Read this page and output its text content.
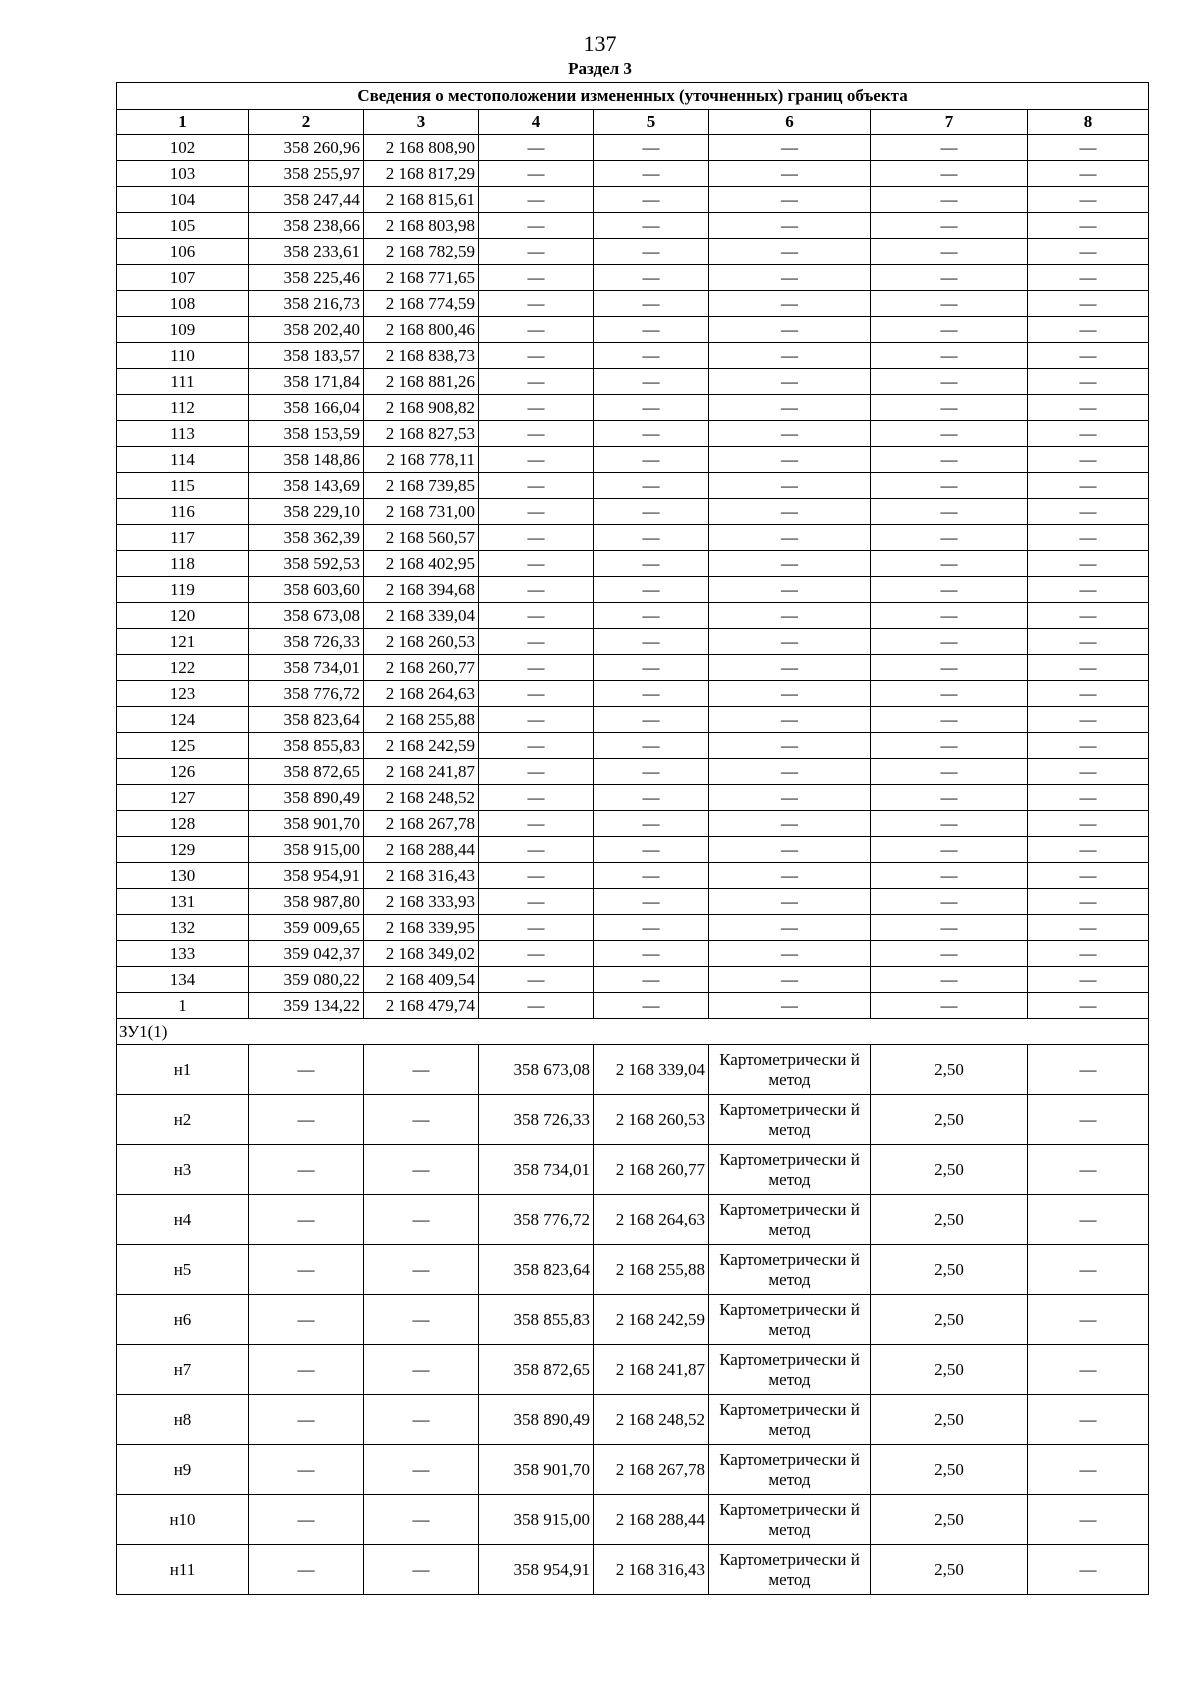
137
Раздел 3
Сведения о местоположении измененных (уточненных) границ объекта							
1	2	3	4	5	6	7	8
102	358 260,96	2 168 808,90	—	—	—	—	—
103	358 255,97	2 168 817,29	—	—	—	—	—
104	358 247,44	2 168 815,61	—	—	—	—	—
105	358 238,66	2 168 803,98	—	—	—	—	—
106	358 233,61	2 168 782,59	—	—	—	—	—
107	358 225,46	2 168 771,65	—	—	—	—	—
108	358 216,73	2 168 774,59	—	—	—	—	—
109	358 202,40	2 168 800,46	—	—	—	—	—
110	358 183,57	2 168 838,73	—	—	—	—	—
111	358 171,84	2 168 881,26	—	—	—	—	—
112	358 166,04	2 168 908,82	—	—	—	—	—
113	358 153,59	2 168 827,53	—	—	—	—	—
114	358 148,86	2 168 778,11	—	—	—	—	—
115	358 143,69	2 168 739,85	—	—	—	—	—
116	358 229,10	2 168 731,00	—	—	—	—	—
117	358 362,39	2 168 560,57	—	—	—	—	—
118	358 592,53	2 168 402,95	—	—	—	—	—
119	358 603,60	2 168 394,68	—	—	—	—	—
120	358 673,08	2 168 339,04	—	—	—	—	—
121	358 726,33	2 168 260,53	—	—	—	—	—
122	358 734,01	2 168 260,77	—	—	—	—	—
123	358 776,72	2 168 264,63	—	—	—	—	—
124	358 823,64	2 168 255,88	—	—	—	—	—
125	358 855,83	2 168 242,59	—	—	—	—	—
126	358 872,65	2 168 241,87	—	—	—	—	—
127	358 890,49	2 168 248,52	—	—	—	—	—
128	358 901,70	2 168 267,78	—	—	—	—	—
129	358 915,00	2 168 288,44	—	—	—	—	—
130	358 954,91	2 168 316,43	—	—	—	—	—
131	358 987,80	2 168 333,93	—	—	—	—	—
132	359 009,65	2 168 339,95	—	—	—	—	—
133	359 042,37	2 168 349,02	—	—	—	—	—
134	359 080,22	2 168 409,54	—	—	—	—	—
1	359 134,22	2 168 479,74	—	—	—	—	—
ЗУ1(1)							
н1	—	—	358 673,08	2 168 339,04	Картометрически й метод	2,50	—
н2	—	—	358 726,33	2 168 260,53	Картометрически й метод	2,50	—
н3	—	—	358 734,01	2 168 260,77	Картометрически й метод	2,50	—
н4	—	—	358 776,72	2 168 264,63	Картометрически й метод	2,50	—
н5	—	—	358 823,64	2 168 255,88	Картометрически й метод	2,50	—
н6	—	—	358 855,83	2 168 242,59	Картометрически й метод	2,50	—
н7	—	—	358 872,65	2 168 241,87	Картометрически й метод	2,50	—
н8	—	—	358 890,49	2 168 248,52	Картометрически й метод	2,50	—
н9	—	—	358 901,70	2 168 267,78	Картометрически й метод	2,50	—
н10	—	—	358 915,00	2 168 288,44	Картометрически й метод	2,50	—
н11	—	—	358 954,91	2 168 316,43	Картометрически й метод	2,50	—
